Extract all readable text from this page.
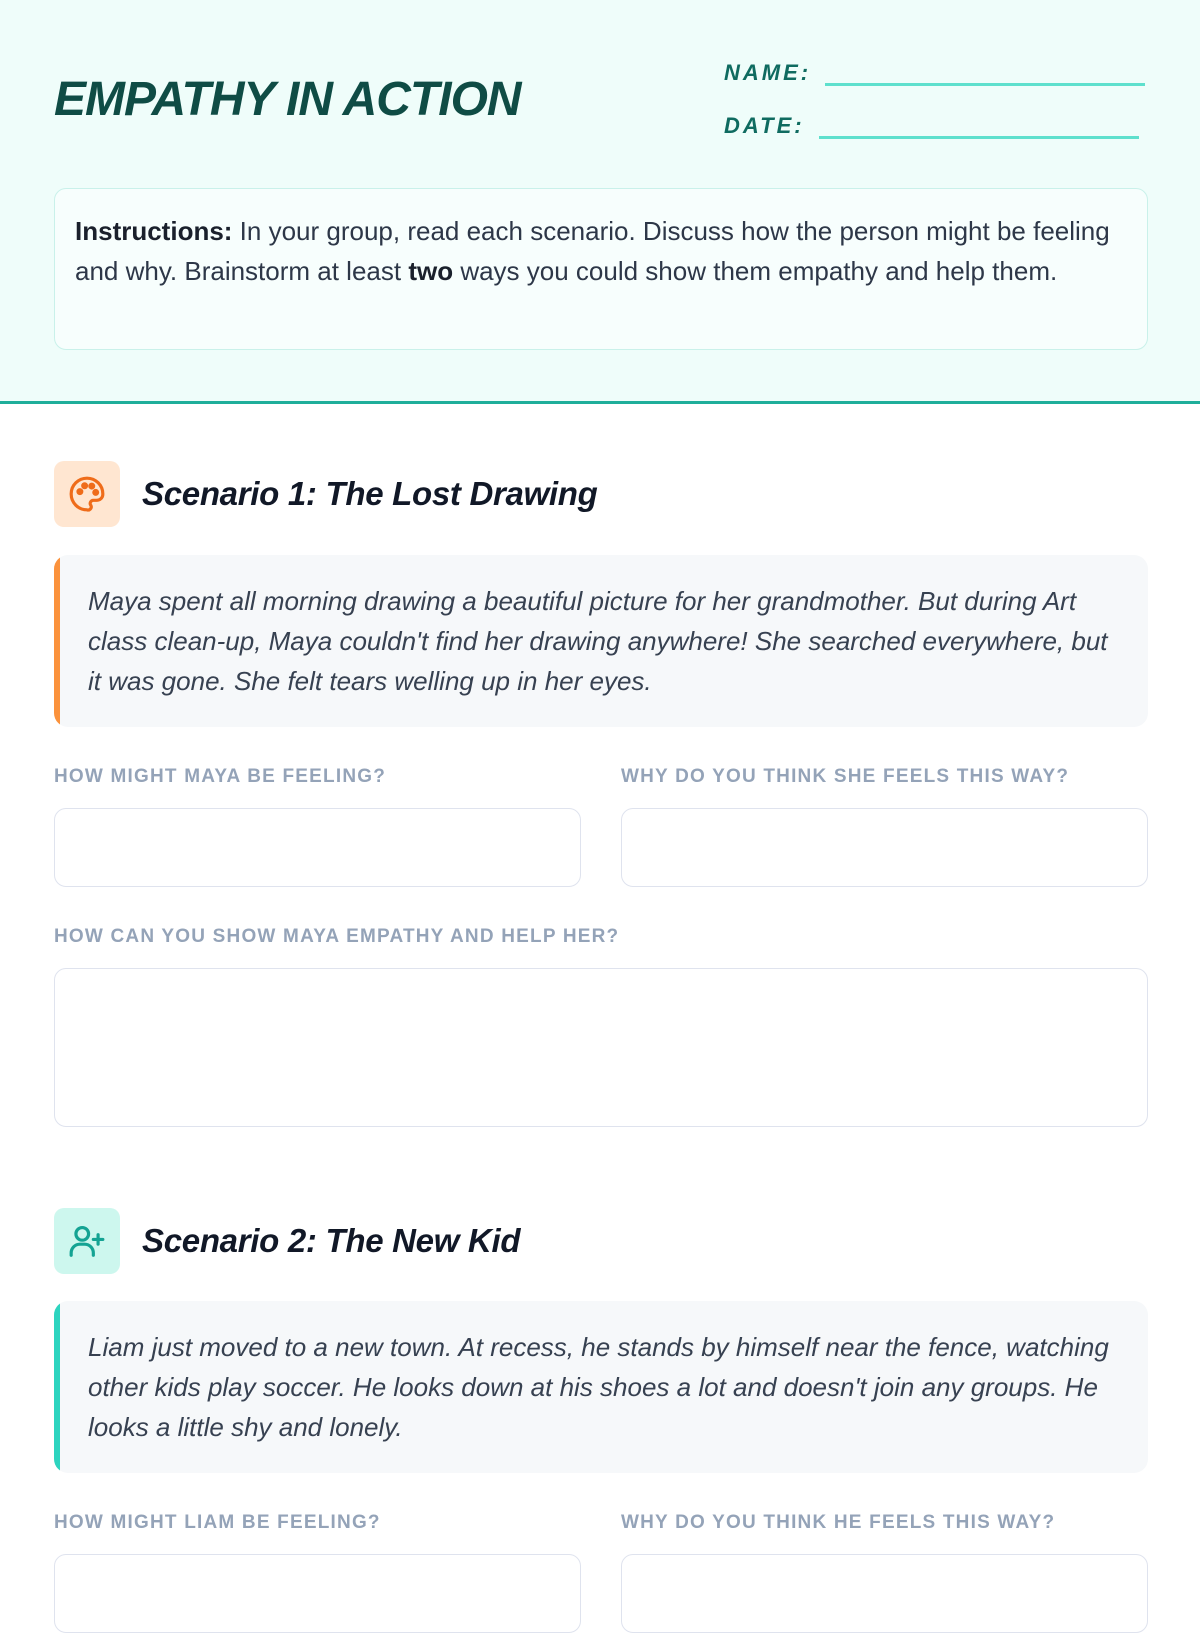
EMPATHY IN ACTION
NAME:
DATE:
Instructions: In your group, read each scenario. Discuss how the person might be feeling and why. Brainstorm at least two ways you could show them empathy and help them.
Scenario 1: The Lost Drawing
Maya spent all morning drawing a beautiful picture for her grandmother. But during Art class clean-up, Maya couldn't find her drawing anywhere! She searched everywhere, but it was gone. She felt tears welling up in her eyes.
HOW MIGHT MAYA BE FEELING?	WHY DO YOU THINK SHE FEELS THIS WAY?
HOW CAN YOU SHOW MAYA EMPATHY AND HELP HER?
Scenario 2: The New Kid
Liam just moved to a new town. At recess, he stands by himself near the fence, watching other kids play soccer. He looks down at his shoes a lot and doesn't join any groups. He looks a little shy and lonely.
HOW MIGHT LIAM BE FEELING?	WHY DO YOU THINK HE FEELS THIS WAY?
